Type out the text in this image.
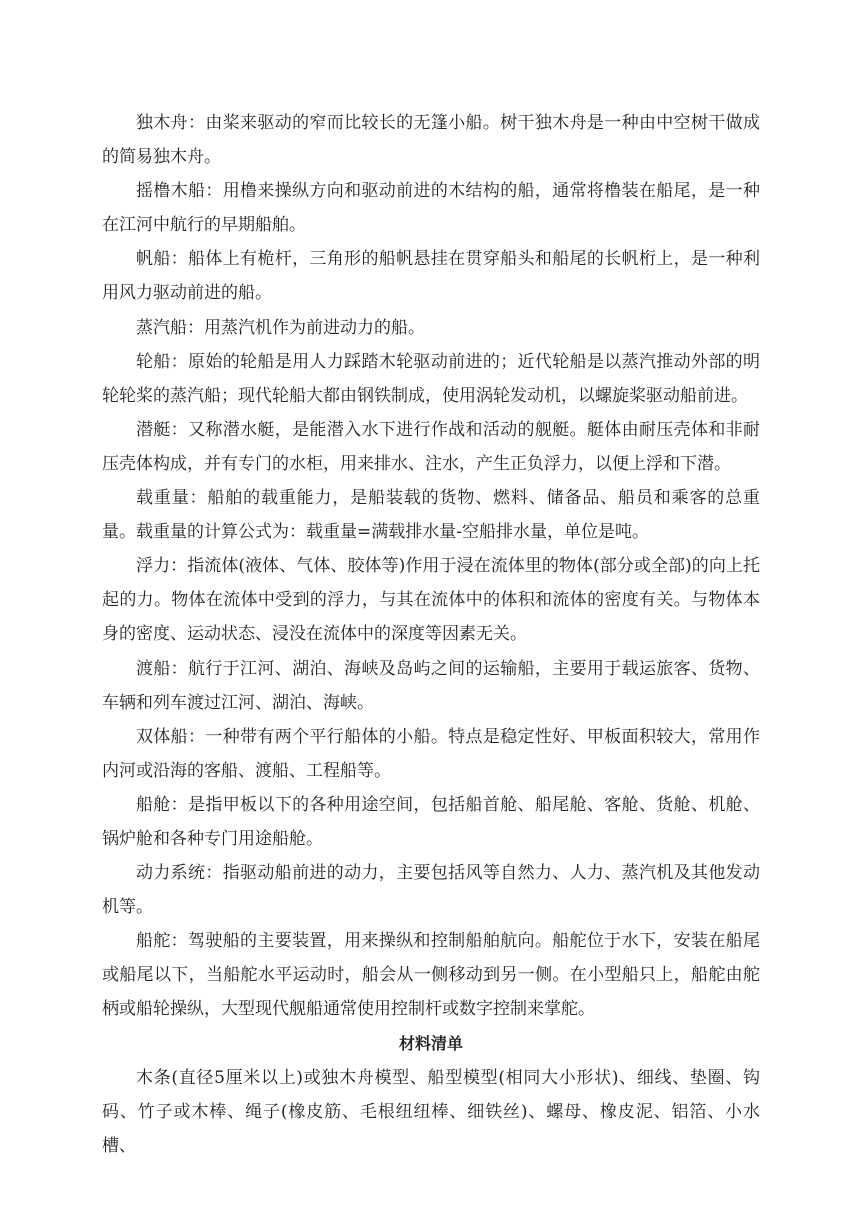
独木舟：由桨来驱动的窄而比较长的无篷小船。树干独木舟是一种由中空树干做成的简易独木舟。

摇橹木船：用橹来操纵方向和驱动前进的木结构的船，通常将橹装在船尾，是一种在江河中航行的早期船舶。

帆船：船体上有桅杆，三角形的船帆悬挂在贯穿船头和船尾的长帆桁上，是一种利用风力驱动前进的船。

蒸汽船：用蒸汽机作为前进动力的船。

轮船：原始的轮船是用人力踩踏木轮驱动前进的；近代轮船是以蒸汽推动外部的明轮轮桨的蒸汽船；现代轮船大都由钢铁制成，使用涡轮发动机，以螺旋桨驱动船前进。

潜艇：又称潜水艇，是能潜入水下进行作战和活动的舰艇。艇体由耐压壳体和非耐压壳体构成，并有专门的水柜，用来排水、注水，产生正负浮力，以便上浮和下潜。

载重量：船舶的载重能力，是船装载的货物、燃料、储备品、船员和乘客的总重量。载重量的计算公式为：载重量=满载排水量-空船排水量，单位是吨。

浮力：指流体(液体、气体、胶体等)作用于浸在流体里的物体(部分或全部)的向上托起的力。物体在流体中受到的浮力，与其在流体中的体积和流体的密度有关。与物体本身的密度、运动状态、浸没在流体中的深度等因素无关。

渡船：航行于江河、湖泊、海峡及岛屿之间的运输船，主要用于载运旅客、货物、车辆和列车渡过江河、湖泊、海峡。

双体船：一种带有两个平行船体的小船。特点是稳定性好、甲板面积较大，常用作内河或沿海的客船、渡船、工程船等。

船舱：是指甲板以下的各种用途空间，包括船首舱、船尾舱、客舱、货舱、机舱、锅炉舱和各种专门用途船舱。

动力系统：指驱动船前进的动力，主要包括风等自然力、人力、蒸汽机及其他发动机等。

船舵：驾驶船的主要装置，用来操纵和控制船舶航向。船舵位于水下，安装在船尾或船尾以下，当船舵水平运动时，船会从一侧移动到另一侧。在小型船只上，船舵由舵柄或船轮操纵，大型现代舰船通常使用控制杆或数字控制来掌舵。

材料清单

木条(直径5厘米以上)或独木舟模型、船型模型(相同大小形状)、细线、垫圈、钩码、竹子或木棒、绳子(橡皮筋、毛根纽纽棒、细铁丝)、螺母、橡皮泥、铝箔、小水槽、
